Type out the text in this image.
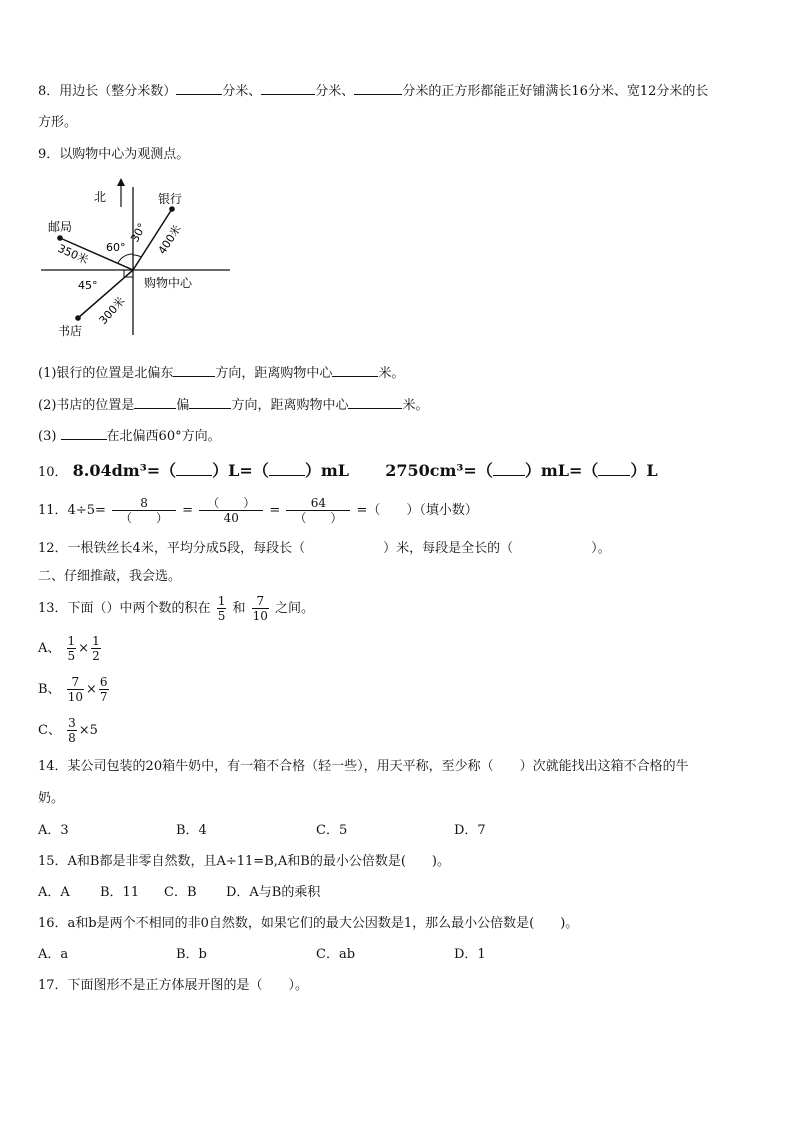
8．用边长（整分米数）	分米、	分米、	分米的正方形都能正好铺满长16分米、宽12分米的长
方形。
9．以购物中心为观测点。
北	银行
邮局
书店
购物中心
60°
30°
45°
400米
350米
300米
(1)银行的位置是北偏东	方向，距离购物中心	米。
(2)书店的位置是	偏	方向，距离购物中心	米。
(3)	在北偏西60°方向。
10． 8.04dm³=（ ）L=（ ）mL 2750cm³=（ ）mL=（ ）L
11．$4\div 5= \frac{8}{( )} = \frac{( )}{40} = \frac{64}{( )}$ =（　　）（填小数）
12．一根铁丝长4米，平均分成5段，每段长（　　　　　　）米，每段是全长的（　　　　　　）。
二、仔细推敲，我会选。
13．下面（）中两个数的积在 $\frac{1}{5}$ 和 $\frac{7}{10}$ 之间。
A、 $\frac{1}{5} \times \frac{1}{2}$
B、 $\frac{7}{10} \times \frac{6}{7}$
C、 $\frac{3}{8} \times 5$
14．某公司包装的20箱牛奶中，有一箱不合格（轻一些），用天平称，至少称（　　）次就能找出这箱不合格的牛
奶。
A．3	B．4	C．5	D．7
15．A和B都是非零自然数，且A÷11=B,A和B的最小公倍数是(　　)。
A．A B．11 C．B D．A与B的乘积
16．a和b是两个不相同的非0自然数，如果它们的最大公因数是1，那么最小公倍数是(　　)。
A．a	B．b	C．ab	D．1
17．下面图形不是正方体展开图的是（　　）。
